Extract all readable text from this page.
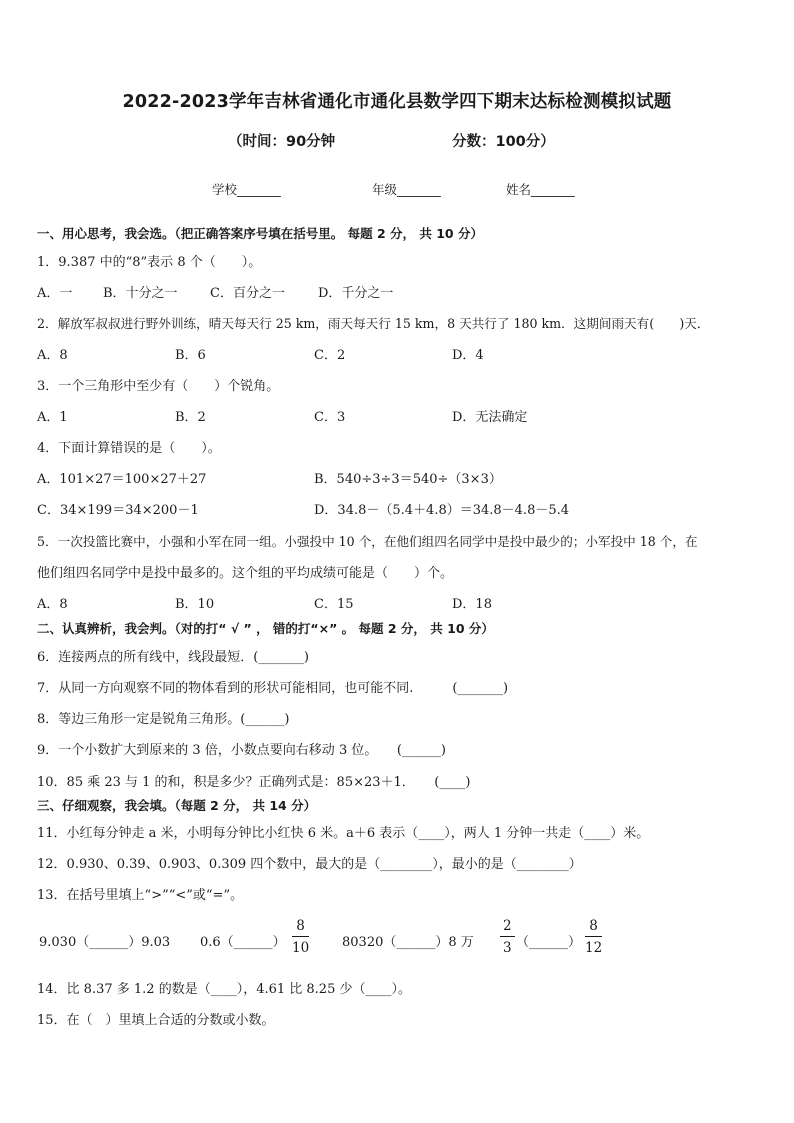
2022-2023学年吉林省通化市通化县数学四下期末达标检测模拟试题
（时间：90分钟	分数：100分）
学校_______	年级_______	姓名_______
一、用心思考，我会选。（把正确答案序号填在括号里。 每题 2 分， 共 10 分）
1．9.387 中的“8”表示 8 个（　　）。
A．一 B．十分之一 C．百分之一	D．千分之一
2．解放军叔叔进行野外训练，晴天每天行 25 km，雨天每天行 15 km，8 天共行了 180 km．这期间雨天有(　　)天．
A．8	B．6	C．2	D．4
3．一个三角形中至少有（　　）个锐角。
A．1	B．2	C．3	D．无法确定
4．下面计算错误的是（　　）。
A．101×27＝100×27＋27	B．540÷3÷3＝540÷（3×3）
C．34×199＝34×200－1	D．34.8－（5.4＋4.8）＝34.8－4.8－5.4
5．一次投篮比赛中，小强和小军在同一组。小强投中 10 个，在他们组四名同学中是投中最少的；小军投中 18 个，在
他们组四名同学中是投中最多的。这个组的平均成绩可能是（　　）个。
A．8	B．10	C．15	D．18
二、认真辨析，我会判。（对的打“ √ ” ， 错的打“×” 。 每题 2 分， 共 10 分）
6．连接两点的所有线中，线段最短．(_______)
7．从同一方向观察不同的物体看到的形状可能相同，也可能不同.　　　(_______)
8．等边三角形一定是锐角三角形。(______)
9．一个小数扩大到原来的 3 倍，小数点要向右移动 3 位。　　(______)
10．85 乘 23 与 1 的和，积是多少？正确列式是：85×23＋1．　　(____)
三、仔细观察，我会填。（每题 2 分， 共 14 分）
11．小红每分钟走 a 米，小明每分钟比小红快 6 米。a＋6 表示（____），两人 1 分钟一共走（____）米。
12．0.930、0.39、0.903、0.309 四个数中，最大的是（________），最小的是（________）
13．在括号里填上“>”“<”或“=”。
9.030（______）9.03 0.6（______） $\frac{8}{10}$	80320（______）8 万 $\frac{2}{3}$ （______） $\frac{8}{12}$
14．比 8.37 多 1.2 的数是（____），4.61 比 8.25 少（____）。
15．在（　）里填上合适的分数或小数。
